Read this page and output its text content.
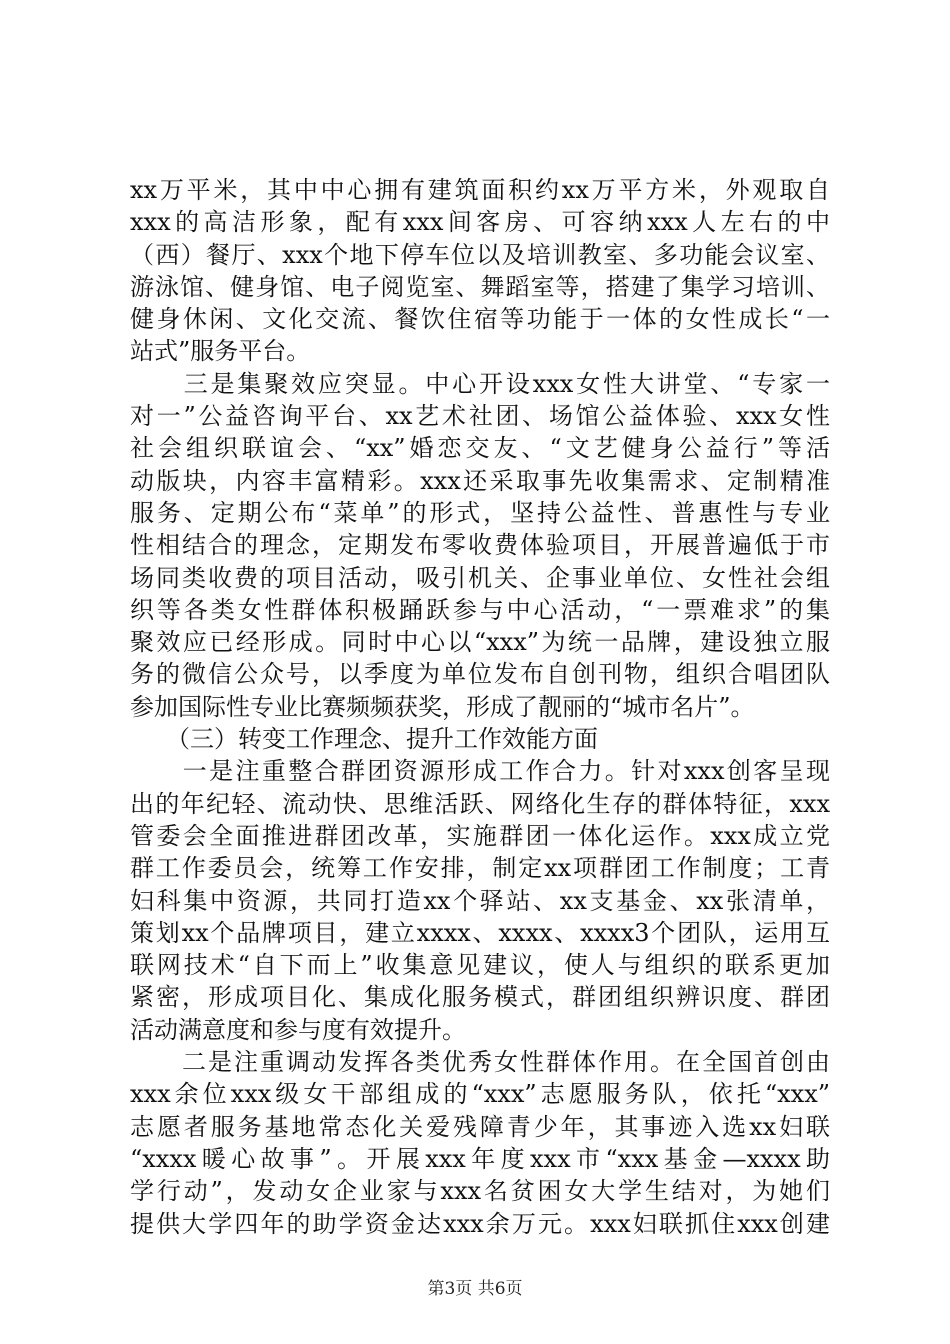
xx万平米，其中中心拥有建筑面积约xx万平方米，外观取自
xxx的高洁形象，配有xxx间客房、可容纳xxx人左右的中
（西）餐厅、xxx个地下停车位以及培训教室、多功能会议室、
游泳馆、健身馆、电子阅览室、舞蹈室等，搭建了集学习培训、
健身休闲、文化交流、餐饮住宿等功能于一体的女性成长“一
站式”服务平台。
　　三是集聚效应突显。中心开设xxx女性大讲堂、“专家一
对一”公益咨询平台、xx艺术社团、场馆公益体验、xxx女性
社会组织联谊会、“xx”婚恋交友、“文艺健身公益行”等活
动版块，内容丰富精彩。xxx还采取事先收集需求、定制精准
服务、定期公布“菜单”的形式，坚持公益性、普惠性与专业
性相结合的理念，定期发布零收费体验项目，开展普遍低于市
场同类收费的项目活动，吸引机关、企事业单位、女性社会组
织等各类女性群体积极踊跃参与中心活动，“一票难求”的集
聚效应已经形成。同时中心以“xxx”为统一品牌，建设独立服
务的微信公众号，以季度为单位发布自创刊物，组织合唱团队
参加国际性专业比赛频频获奖，形成了靓丽的“城市名片”。
　　（三）转变工作理念、提升工作效能方面
　　一是注重整合群团资源形成工作合力。针对xxx创客呈现
出的年纪轻、流动快、思维活跃、网络化生存的群体特征，xxx
管委会全面推进群团改革，实施群团一体化运作。xxx成立党
群工作委员会，统筹工作安排，制定xx项群团工作制度；工青
妇科集中资源，共同打造xx个驿站、xx支基金、xx张清单，
策划xx个品牌项目，建立xxxx、xxxx、xxxx3个团队，运用互
联网技术“自下而上”收集意见建议，使人与组织的联系更加
紧密，形成项目化、集成化服务模式，群团组织辨识度、群团
活动满意度和参与度有效提升。
　　二是注重调动发挥各类优秀女性群体作用。在全国首创由
xxx余位xxx级女干部组成的“xxx”志愿服务队，依托“xxx”
志愿者服务基地常态化关爱残障青少年，其事迹入选xx妇联
“xxxx暖心故事”。开展xxx年度xxx市“xxx基金—xxxx助
学行动”，发动女企业家与xxx名贫困女大学生结对，为她们
提供大学四年的助学资金达xxx余万元。xxx妇联抓住xxx创建
第3页 共6页
